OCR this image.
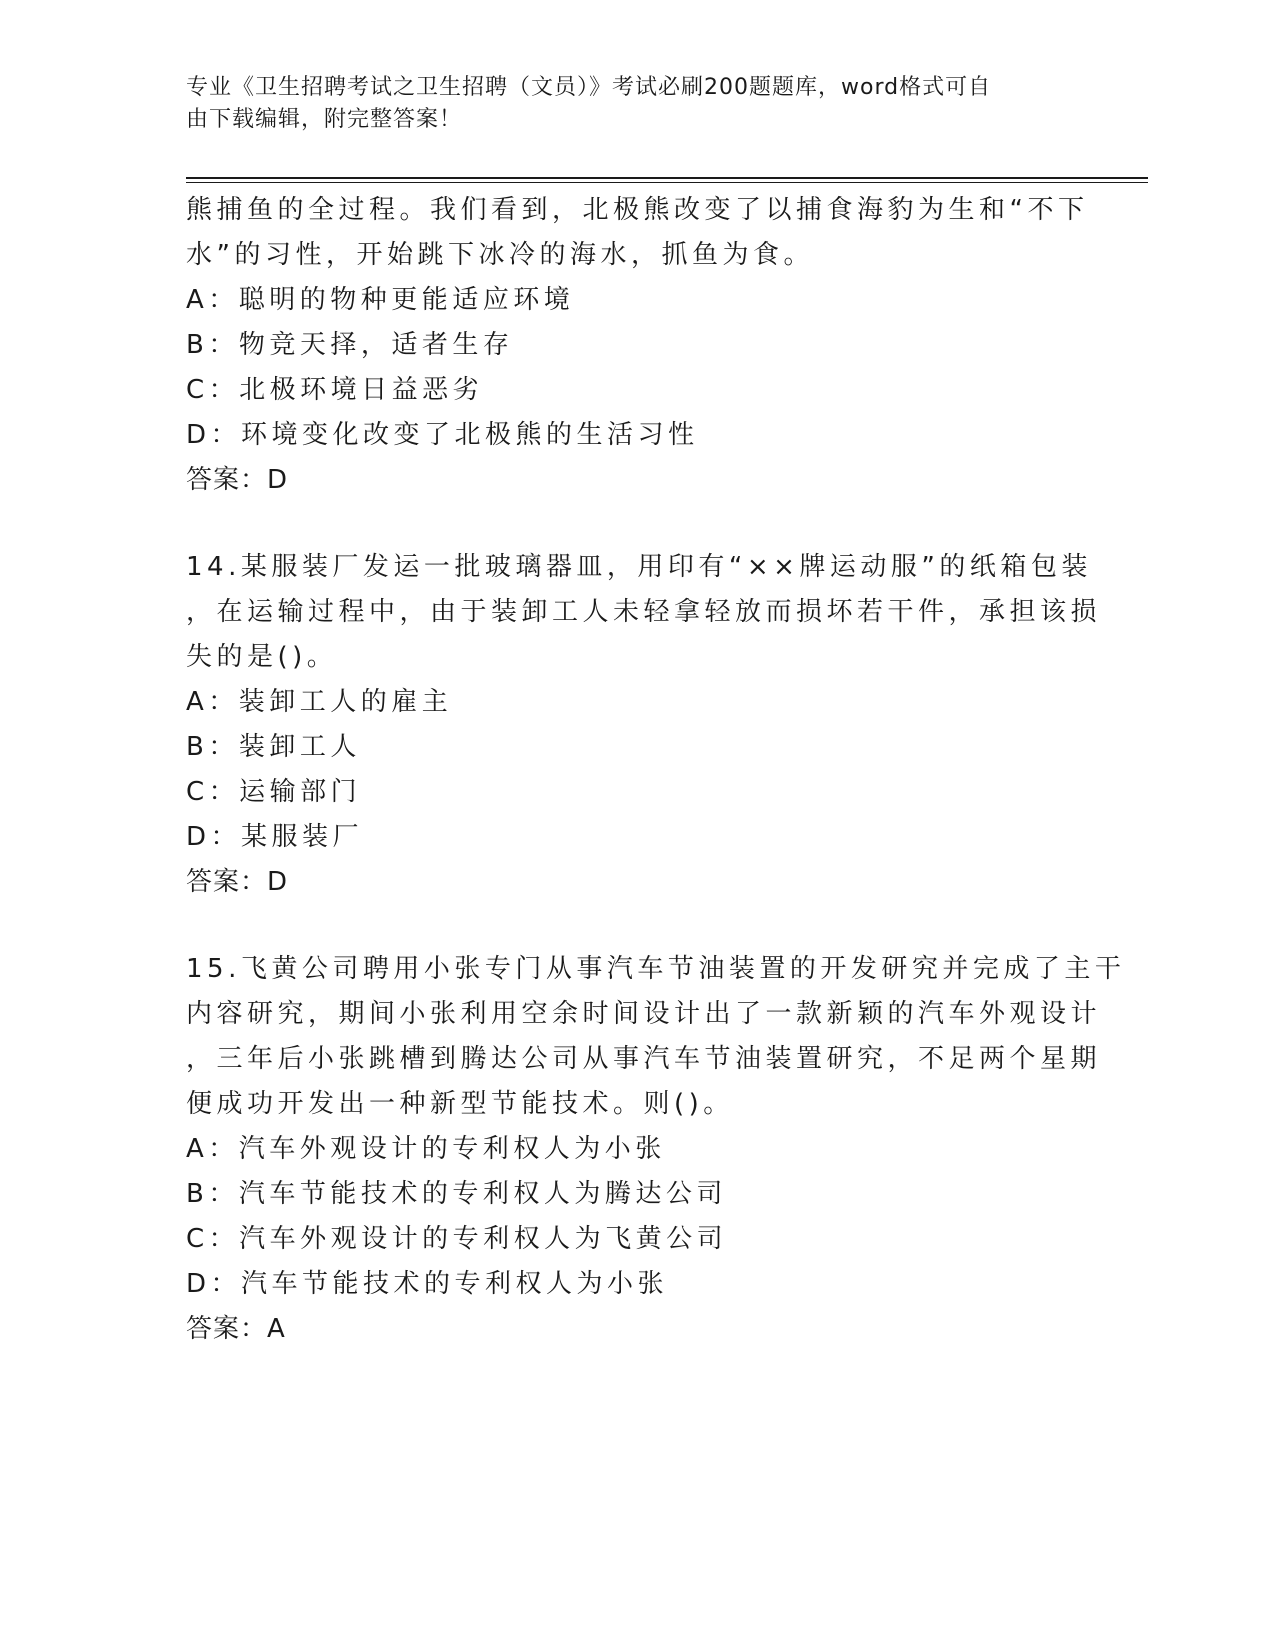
专业《卫生招聘考试之卫生招聘（文员）》考试必刷200题题库，word格式可自
由下载编辑，附完整答案！
熊捕鱼的全过程。我们看到，北极熊改变了以捕食海豹为生和“不下
水”的习性，开始跳下冰冷的海水，抓鱼为食。
A：聪明的物种更能适应环境
B：物竞天择，适者生存
C：北极环境日益恶劣
D：环境变化改变了北极熊的生活习性
答案：D
14.某服装厂发运一批玻璃器皿，用印有“××牌运动服”的纸箱包装
，在运输过程中，由于装卸工人未轻拿轻放而损坏若干件，承担该损
失的是()。
A：装卸工人的雇主
B：装卸工人
C：运输部门
D：某服装厂
答案：D
15.飞黄公司聘用小张专门从事汽车节油装置的开发研究并完成了主干
内容研究，期间小张利用空余时间设计出了一款新颖的汽车外观设计
，三年后小张跳槽到腾达公司从事汽车节油装置研究，不足两个星期
便成功开发出一种新型节能技术。则()。
A：汽车外观设计的专利权人为小张
B：汽车节能技术的专利权人为腾达公司
C：汽车外观设计的专利权人为飞黄公司
D：汽车节能技术的专利权人为小张
答案：A
